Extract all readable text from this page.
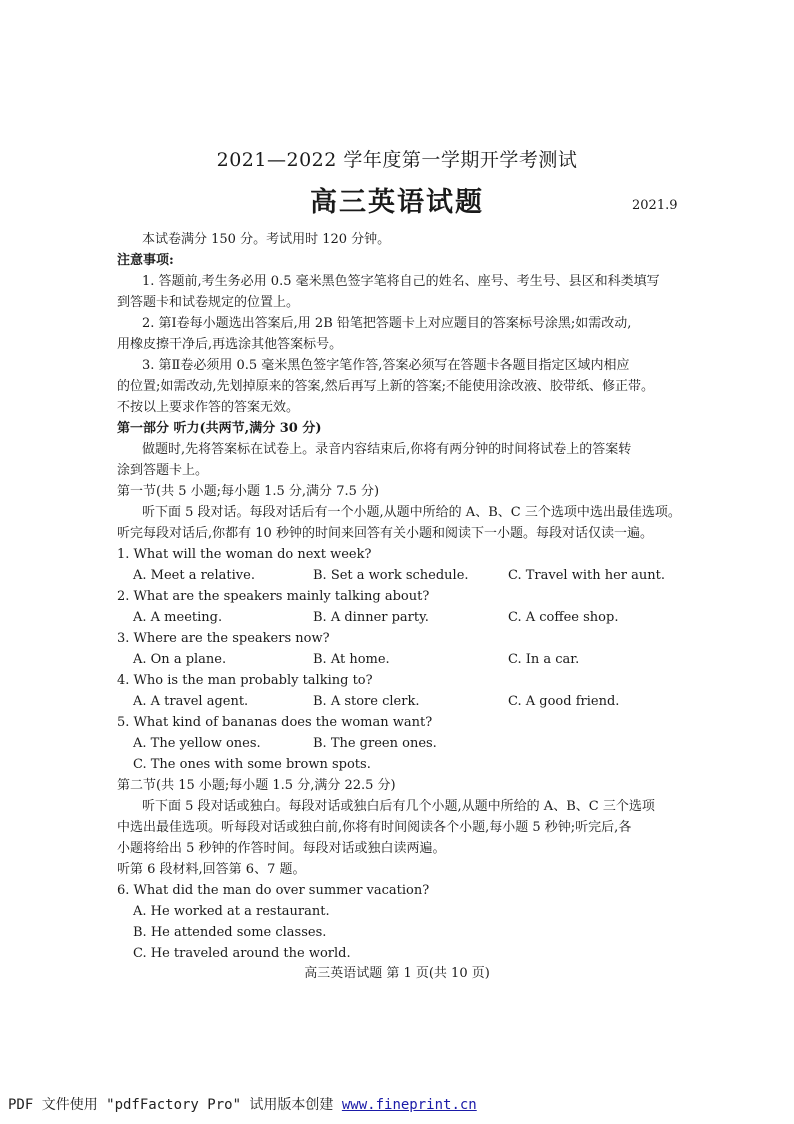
2021—2022 学年度第一学期开学考测试
高三英语试题	2021.9
本试卷满分 150 分。考试用时 120 分钟。
注意事项:
1. 答题前,考生务必用 0.5 毫米黑色签字笔将自己的姓名、座号、考生号、县区和科类填写
到答题卡和试卷规定的位置上。
2. 第Ⅰ卷每小题选出答案后,用 2B 铅笔把答题卡上对应题目的答案标号涂黑;如需改动,
用橡皮擦干净后,再选涂其他答案标号。
3. 第Ⅱ卷必须用 0.5 毫米黑色签字笔作答,答案必须写在答题卡各题目指定区域内相应
的位置;如需改动,先划掉原来的答案,然后再写上新的答案;不能使用涂改液、胶带纸、修正带。
不按以上要求作答的答案无效。
第一部分 听力(共两节,满分 30 分)
做题时,先将答案标在试卷上。录音内容结束后,你将有两分钟的时间将试卷上的答案转
涂到答题卡上。
第一节(共 5 小题;每小题 1.5 分,满分 7.5 分)
听下面 5 段对话。每段对话后有一个小题,从题中所给的 A、B、C 三个选项中选出最佳选项。
听完每段对话后,你都有 10 秒钟的时间来回答有关小题和阅读下一小题。每段对话仅读一遍。
1. What will the woman do next week?
A. Meet a relative.	B. Set a work schedule.	C. Travel with her aunt.
2. What are the speakers mainly talking about?
A. A meeting.	B. A dinner party.	C. A coffee shop.
3. Where are the speakers now?
A. On a plane.	B. At home.	C. In a car.
4. Who is the man probably talking to?
A. A travel agent.	B. A store clerk.	C. A good friend.
5. What kind of bananas does the woman want?
A. The yellow ones.	B. The green ones.
C. The ones with some brown spots.
第二节(共 15 小题;每小题 1.5 分,满分 22.5 分)
听下面 5 段对话或独白。每段对话或独白后有几个小题,从题中所给的 A、B、C 三个选项
中选出最佳选项。听每段对话或独白前,你将有时间阅读各个小题,每小题 5 秒钟;听完后,各
小题将给出 5 秒钟的作答时间。每段对话或独白读两遍。
听第 6 段材料,回答第 6、7 题。
6. What did the man do over summer vacation?
A. He worked at a restaurant.
B. He attended some classes.
C. He traveled around the world.
高三英语试题 第 1 页(共 10 页)
PDF 文件使用 "pdfFactory Pro" 试用版本创建 www.fineprint.cn
